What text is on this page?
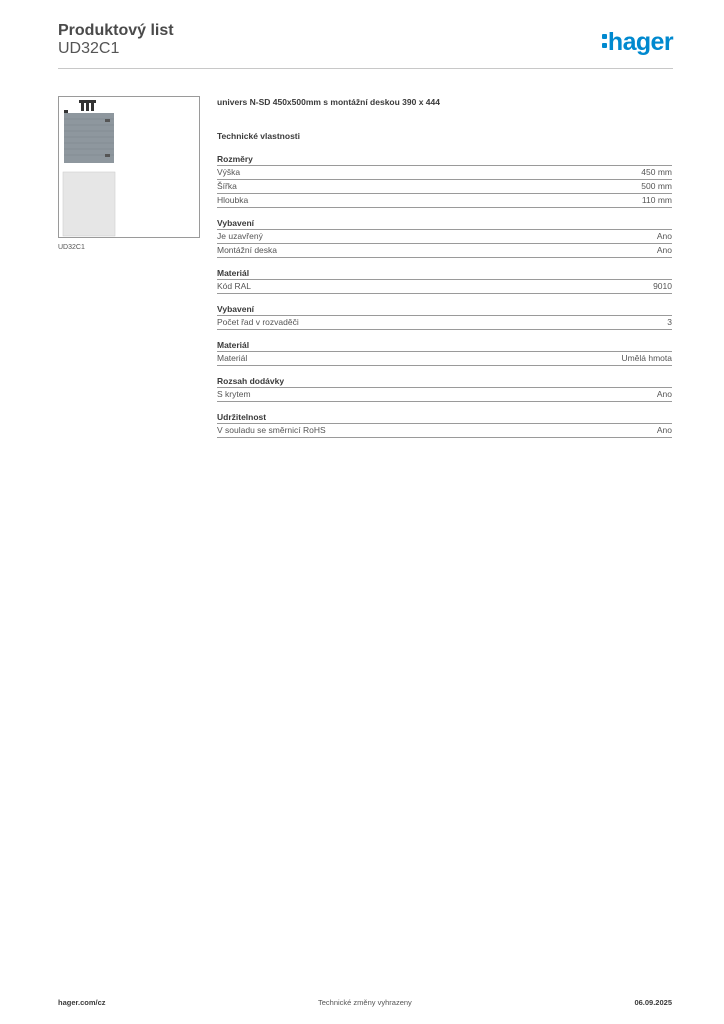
Produktový list
UD32C1	hager
UD32C1

univers N-SD 450x500mm s montážní deskou 390 x 444

Technické vlastnosti
Rozměry
Výška	450 mm
Šířka	500 mm
Hloubka	110 mm
Vybavení
Je uzavřený	Ano
Montážní deska	Ano
Materiál
Kód RAL	9010
Vybavení
Počet řad v rozvaděči	3
Materiál
Materiál	Umělá hmota
Rozsah dodávky
S krytem	Ano
Udržitelnost
V souladu se směrnicí RoHS	Ano
hager.com/cz	Technické změny vyhrazeny	06.09.2025
